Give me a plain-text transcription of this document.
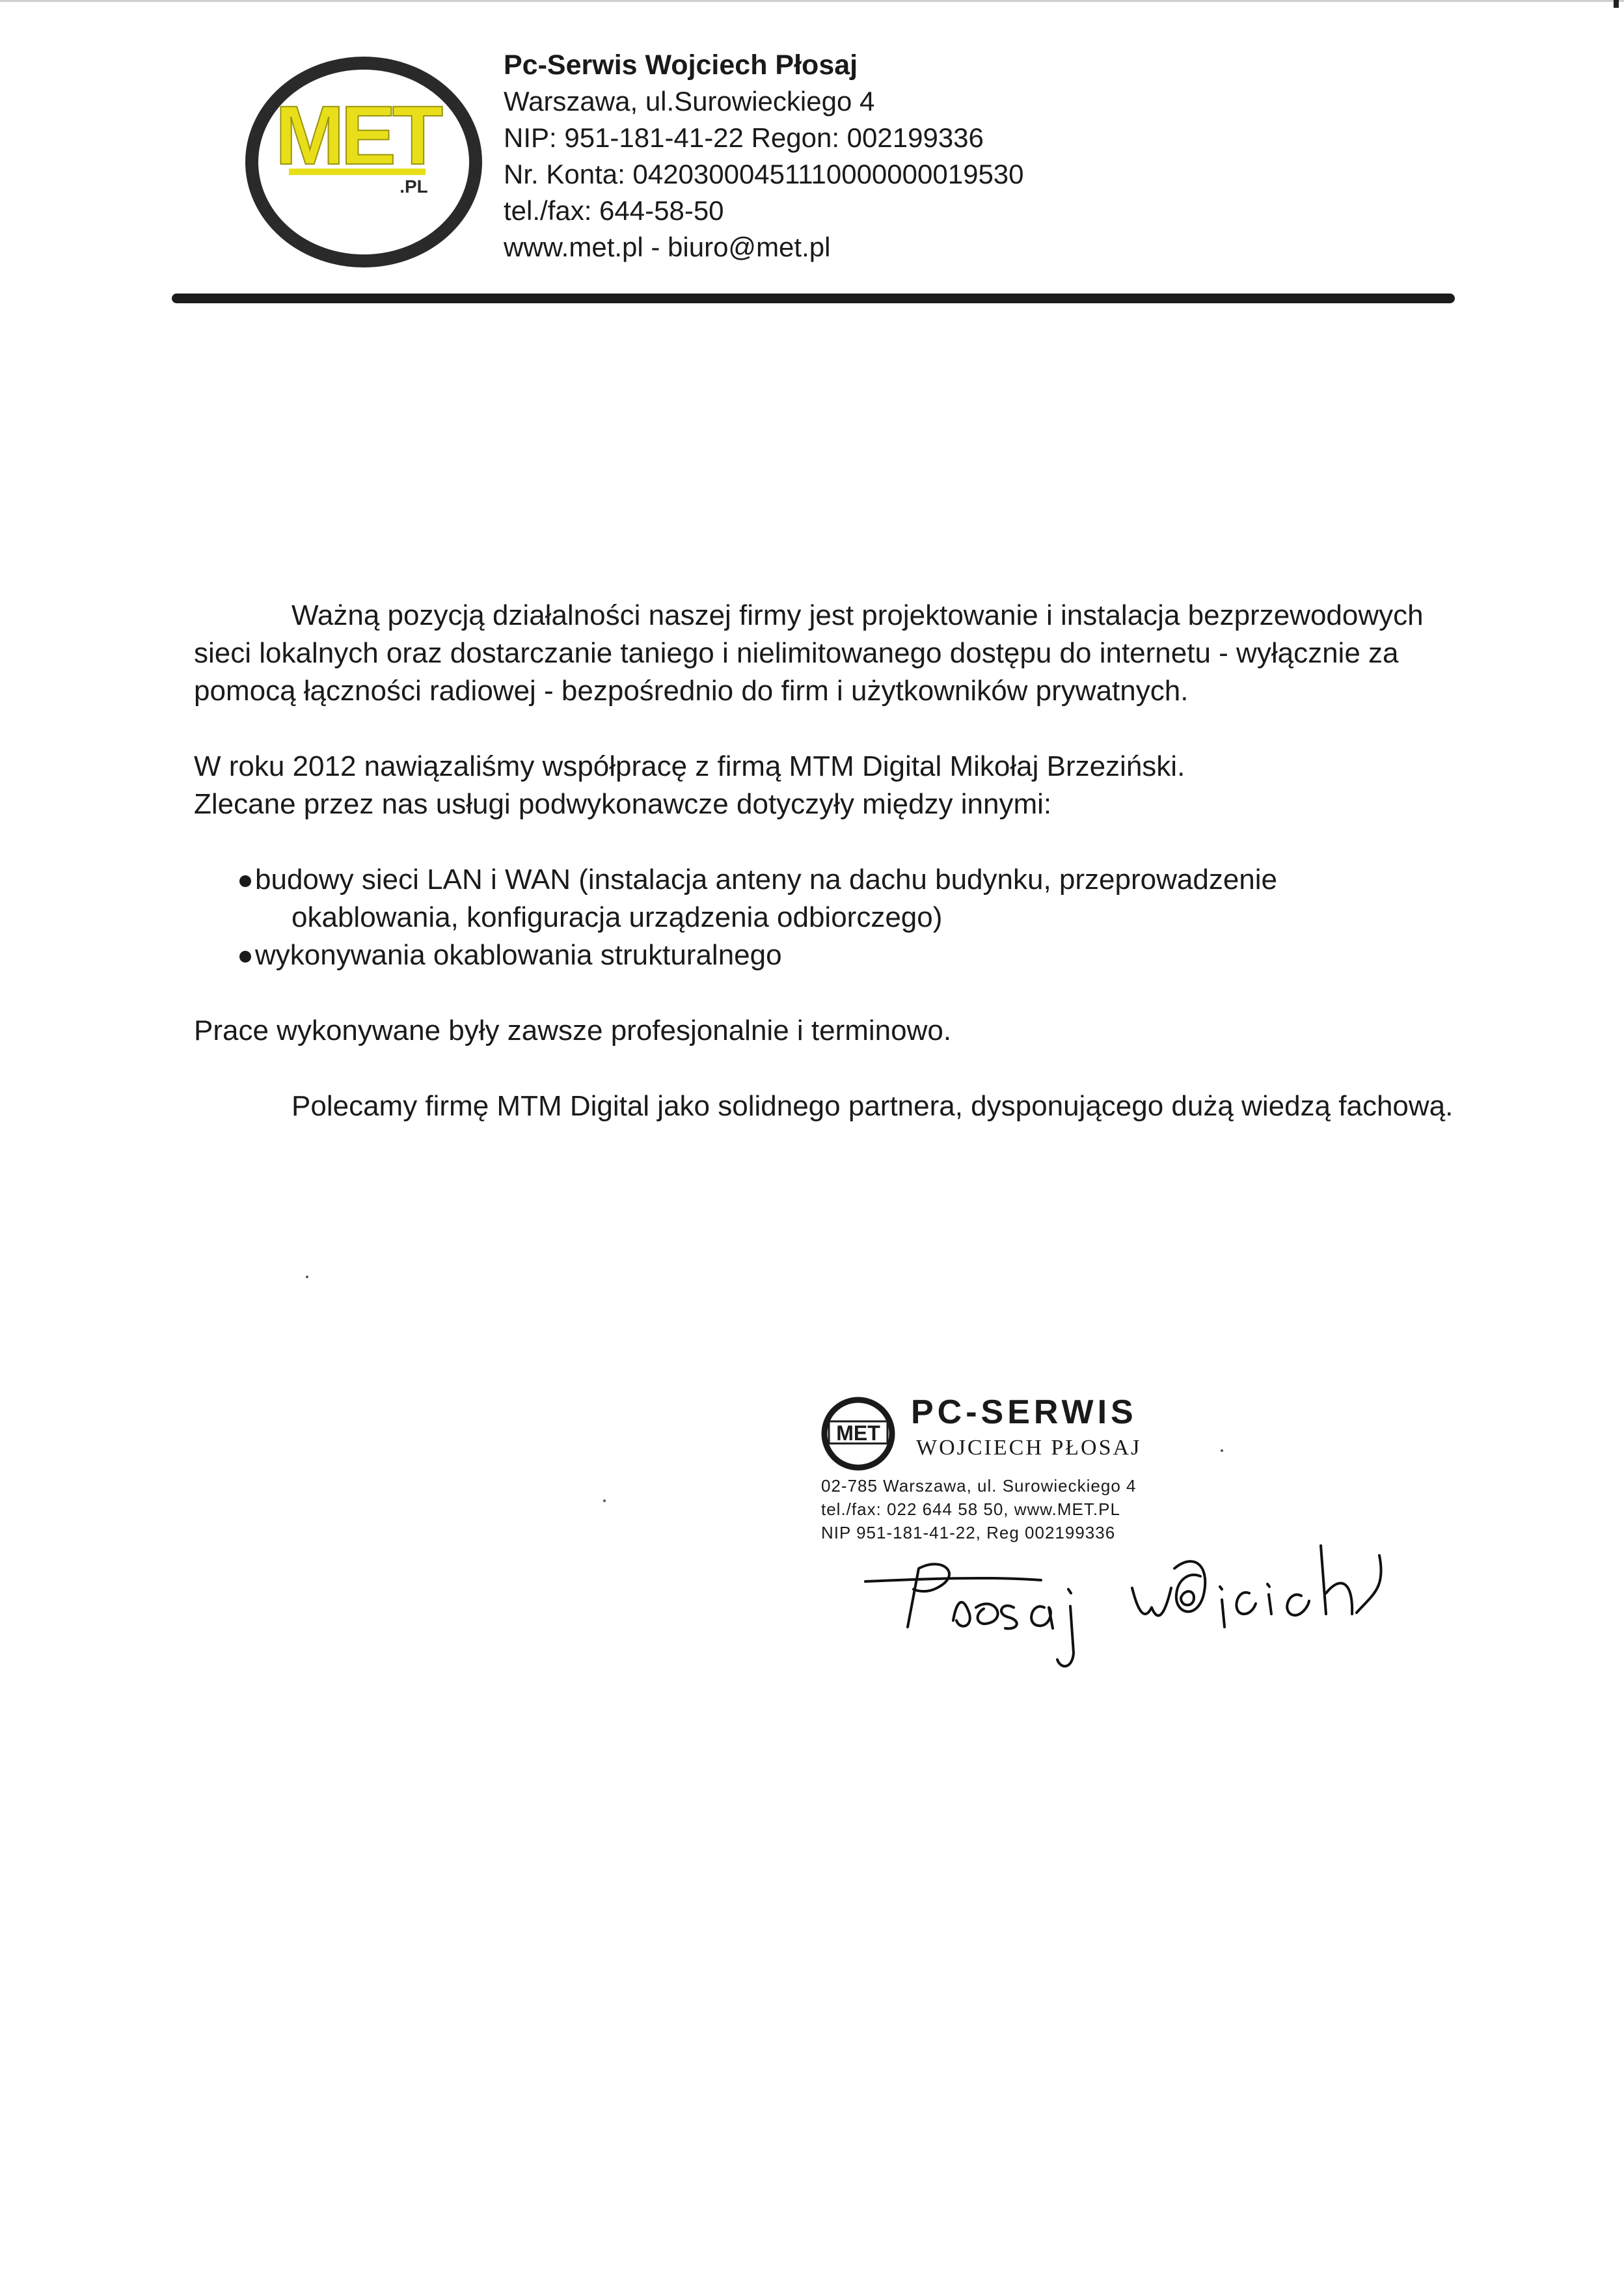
MET
.PL
Pc-Serwis Wojciech Płosaj
Warszawa, ul.Surowieckiego 4
NIP: 951-181-41-22 Regon: 002199336
Nr. Konta: 04203000451110000000019530
tel./fax: 644-58-50
www.met.pl - biuro@met.pl

Ważną pozycją działalności naszej firmy jest projektowanie i instalacja bezprzewodowych sieci lokalnych oraz dostarczanie taniego i nielimitowanego dostępu do internetu - wyłącznie za pomocą łączności radiowej - bezpośrednio do firm i użytkowników prywatnych.

W roku 2012 nawiązaliśmy współpracę z firmą MTM Digital Mikołaj Brzeziński.

Zlecane przez nas usługi podwykonawcze dotyczyły między innymi:

budowy sieci LAN i WAN (instalacja anteny na dachu budynku, przeprowadzenie
okablowania, konfiguracja urządzenia odbiorczego)

wykonywania okablowania strukturalnego

Prace wykonywane były zawsze profesjonalnie i terminowo.

Polecamy firmę MTM Digital jako solidnego partnera, dysponującego dużą wiedzą fachową.

MET
PC-SERWIS
WOJCIECH PŁOSAJ
02-785 Warszawa, ul. Surowieckiego 4
tel./fax: 022 644 58 50, www.MET.PL
NIP 951-181-41-22, Reg 002199336
